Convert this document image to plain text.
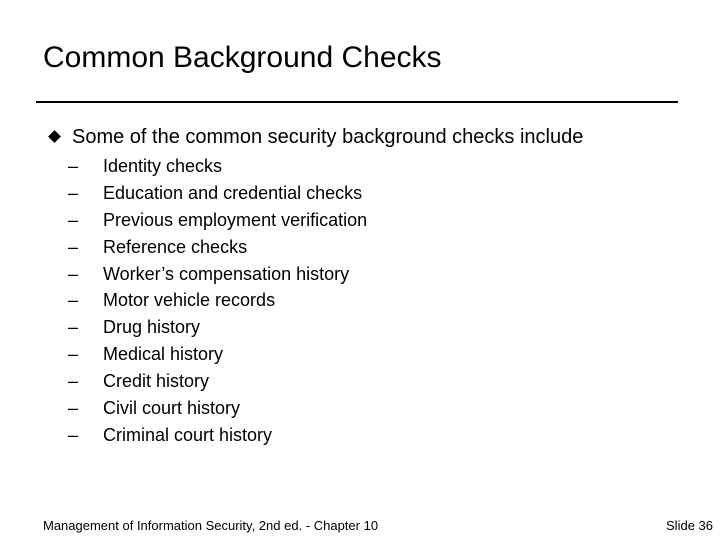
Common Background Checks
Some of the common security background checks include
– Identity checks
– Education and credential checks
– Previous employment verification
– Reference checks
– Worker’s compensation history
– Motor vehicle records
– Drug history
– Medical history
– Credit history
– Civil court history
– Criminal court history
Management of Information Security, 2nd ed. - Chapter 10	Slide 36
